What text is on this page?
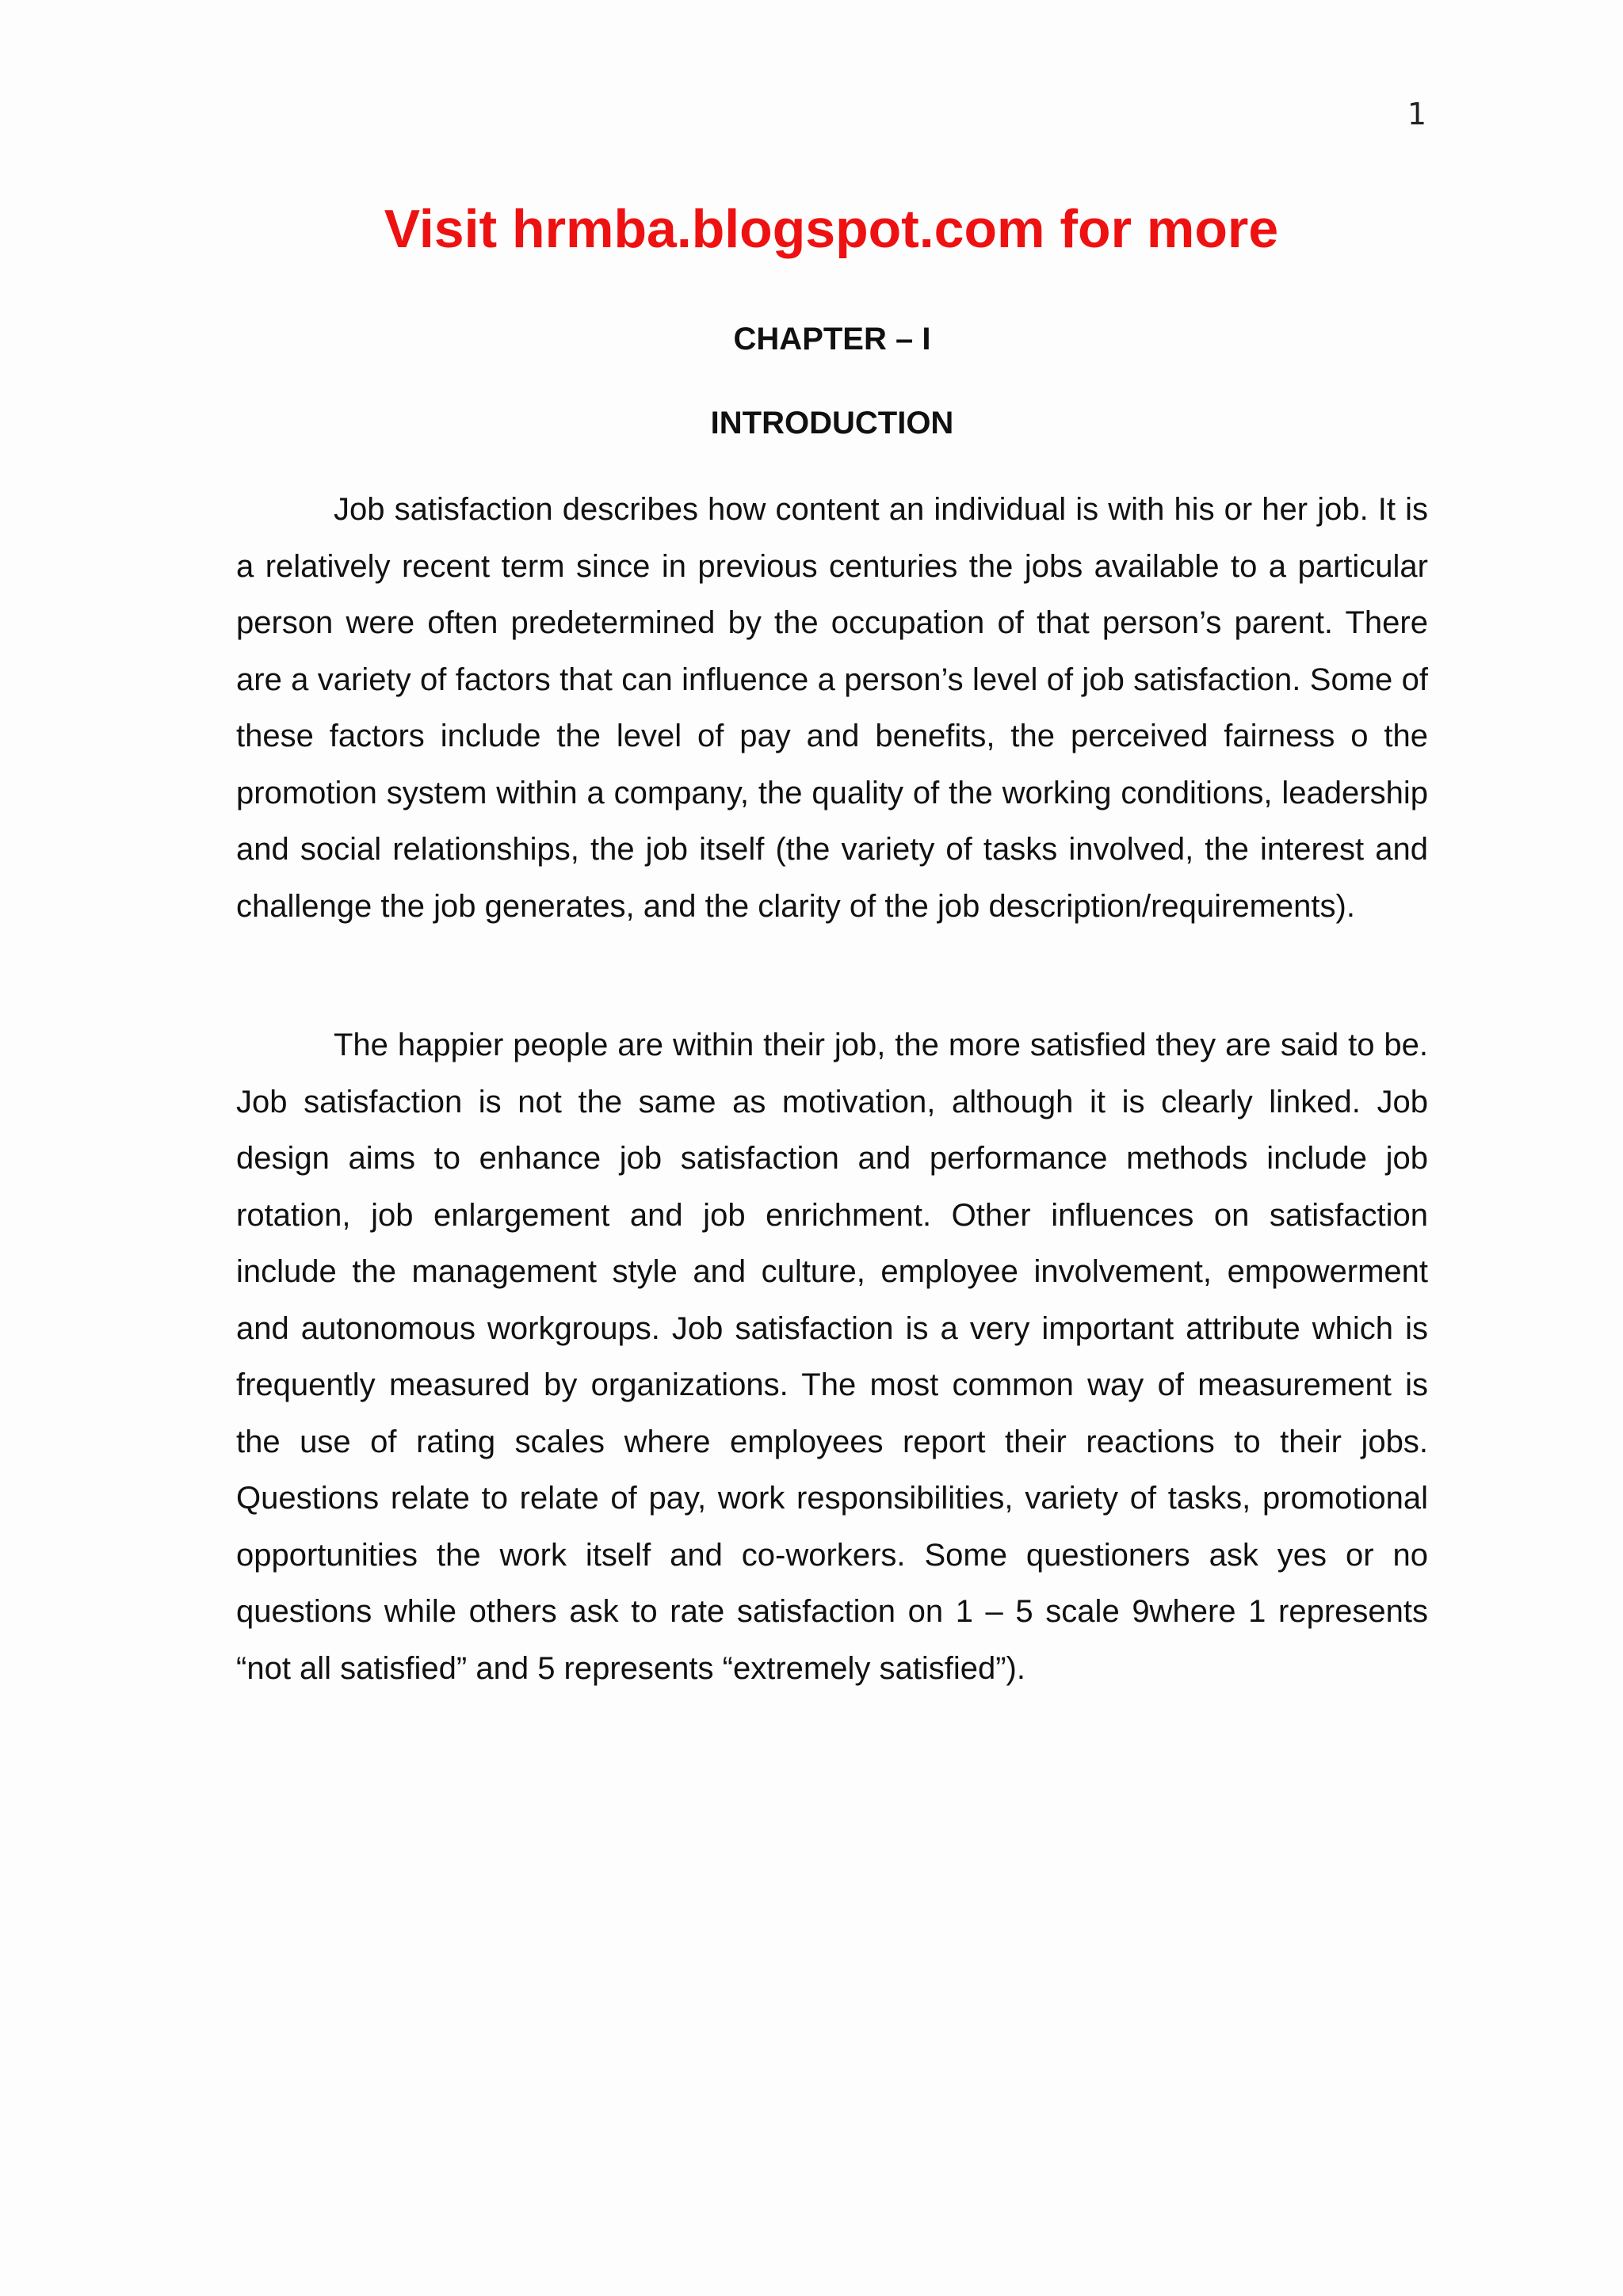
1
Visit hrmba.blogspot.com for more
CHAPTER – I
INTRODUCTION

Job satisfaction describes how content an individual is with his or her job. It is a relatively recent term since in previous centuries the jobs available to a particular person were often predetermined by the occupation of that person’s parent. There are a variety of factors that can influence a person’s level of job satisfaction. Some of these factors include the level of pay and benefits, the perceived fairness o the promotion system within a company, the quality of the working conditions, leadership and social relationships, the job itself (the variety of tasks involved, the interest and challenge the job generates, and the clarity of the job description/requirements).

The happier people are within their job, the more satisfied they are said to be. Job satisfaction is not the same as motivation, although it is clearly linked. Job design aims to enhance job satisfaction and performance methods include job rotation, job enlargement and job enrichment. Other influences on satisfaction include the management style and culture, employee involvement, empowerment and autonomous workgroups. Job satisfaction is a very important attribute which is frequently measured by organizations. The most common way of measurement is the use of rating scales where employees report their reactions to their jobs. Questions relate to relate of pay, work responsibilities, variety of tasks, promotional opportunities the work itself and co-workers. Some questioners ask yes or no questions while others ask to rate satisfaction on 1 – 5 scale 9where 1 represents “not all satisfied” and 5 represents “extremely satisfied”).
